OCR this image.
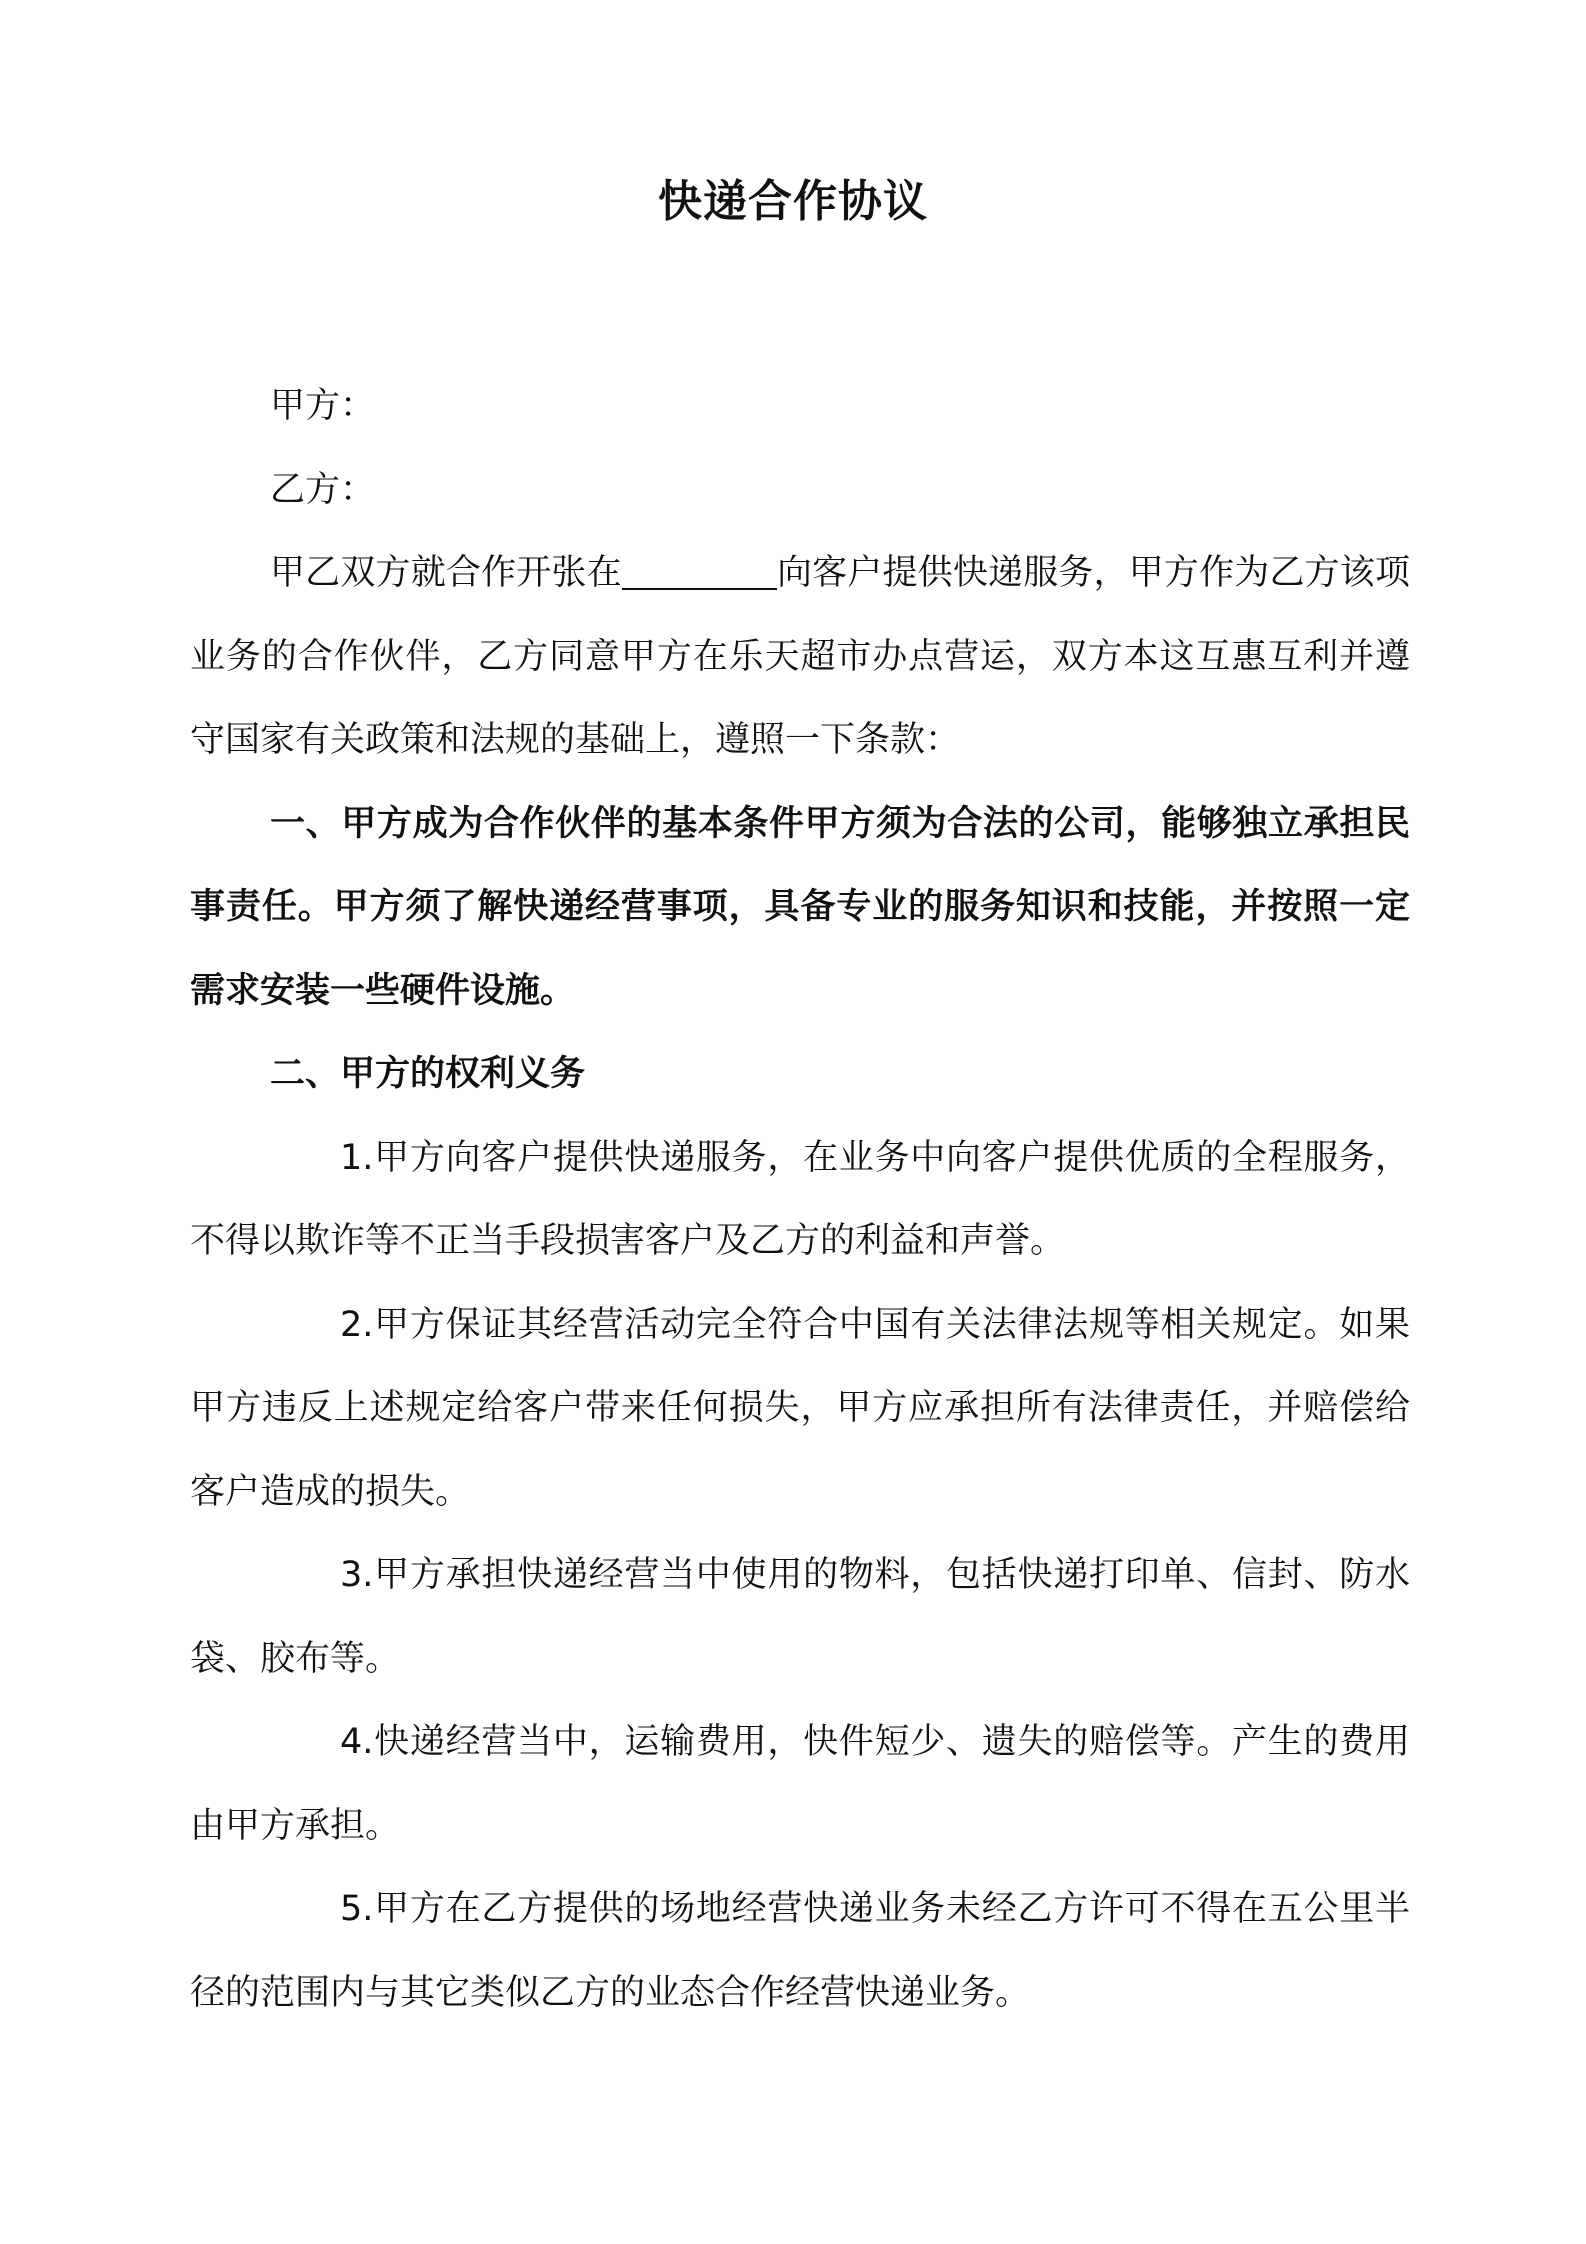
快递合作协议

甲方：

乙方：

甲乙双方就合作开张在	向客户提供快递服务，甲方作为乙方该项业务的合作伙伴，乙方同意甲方在乐天超市办点营运，双方本这互惠互利并遵守国家有关政策和法规的基础上，遵照一下条款：

一、甲方成为合作伙伴的基本条件甲方须为合法的公司，能够独立承担民事责任。甲方须了解快递经营事项，具备专业的服务知识和技能，并按照一定需求安装一些硬件设施。

二、甲方的权利义务

1.甲方向客户提供快递服务，在业务中向客户提供优质的全程服务，不得以欺诈等不正当手段损害客户及乙方的利益和声誉。

2.甲方保证其经营活动完全符合中国有关法律法规等相关规定。如果甲方违反上述规定给客户带来任何损失，甲方应承担所有法律责任，并赔偿给客户造成的损失。

3.甲方承担快递经营当中使用的物料，包括快递打印单、信封、防水袋、胶布等。

4.快递经营当中，运输费用，快件短少、遗失的赔偿等。产生的费用由甲方承担。

5.甲方在乙方提供的场地经营快递业务未经乙方许可不得在五公里半径的范围内与其它类似乙方的业态合作经营快递业务。
